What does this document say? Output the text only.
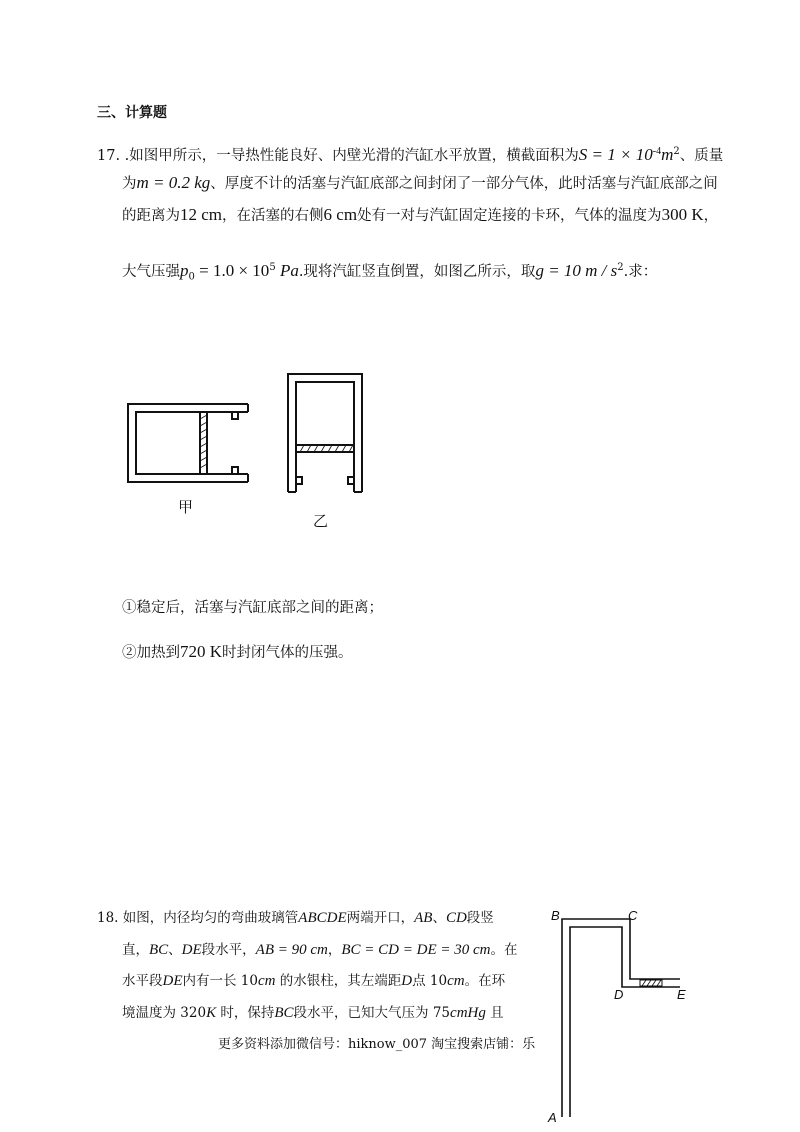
三、计算题
17. .如图甲所示，一导热性能良好、内壁光滑的汽缸水平放置，横截面积为$S = 1 \times 10^{-4}m^2$、质量
为m = 0.2 kg、厚度不计的活塞与汽缸底部之间封闭了一部分气体，此时活塞与汽缸底部之间
的距离为12 cm，在活塞的右侧6 cm处有一对与汽缸固定连接的卡环，气体的温度为300 K，
大气压强$p_0 = 1.0 \times 10^5$ Pa.现将汽缸竖直倒置，如图乙所示，取g = 10 m / $s^2$.求：
甲
乙
①稳定后，活塞与汽缸底部之间的距离；
②加热到720 K时封闭气体的压强。
18. 如图，内径均匀的弯曲玻璃管ABCDE两端开口，AB、CD段竖
直，BC、DE段水平，AB = 90 cm，BC = CD = DE = 30 cm。在
水平段DE内有一长 10cm 的水银柱，其左端距D点 10cm。在环
境温度为 320K 时，保持BC段水平，已知大气压为 75cmHg 且
更多资料添加微信号：hiknow_007 淘宝搜索店铺：乐
B	C
D	E
A
